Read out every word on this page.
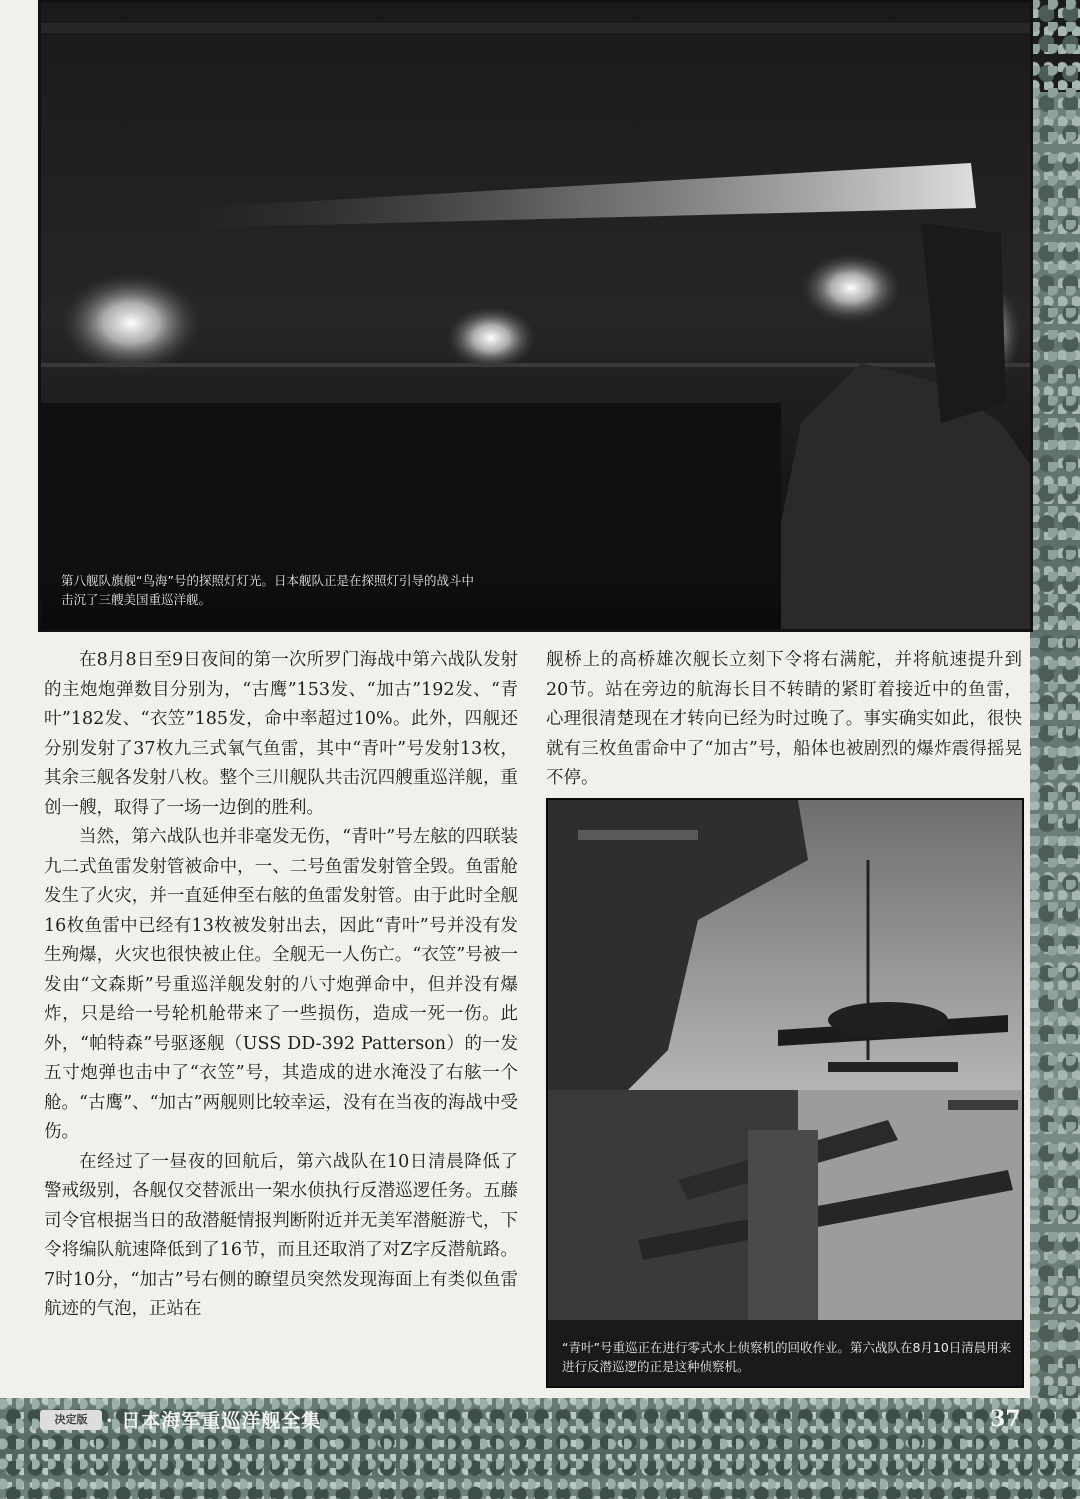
第八舰队旗舰“鸟海”号的探照灯灯光。日本舰队正是在探照灯引导的战斗中击沉了三艘美国重巡洋舰。

在8月8日至9日夜间的第一次所罗门海战中第六战队发射的主炮炮弹数目分别为，“古鹰”153发、“加古”192发、“青叶”182发、“衣笠”185发，命中率超过10%。此外，四舰还分别发射了37枚九三式氧气鱼雷，其中“青叶”号发射13枚，其余三舰各发射八枚。整个三川舰队共击沉四艘重巡洋舰，重创一艘，取得了一场一边倒的胜利。

当然，第六战队也并非毫发无伤，“青叶”号左舷的四联装九二式鱼雷发射管被命中，一、二号鱼雷发射管全毁。鱼雷舱发生了火灾，并一直延伸至右舷的鱼雷发射管。由于此时全舰16枚鱼雷中已经有13枚被发射出去，因此“青叶”号并没有发生殉爆，火灾也很快被止住。全舰无一人伤亡。“衣笠”号被一发由“文森斯”号重巡洋舰发射的八寸炮弹命中，但并没有爆炸，只是给一号轮机舱带来了一些损伤，造成一死一伤。此外，“帕特森”号驱逐舰（USS DD-392 Patterson）的一发五寸炮弹也击中了“衣笠”号，其造成的进水淹没了右舷一个舱。“古鹰”、“加古”两舰则比较幸运，没有在当夜的海战中受伤。

在经过了一昼夜的回航后，第六战队在10日清晨降低了警戒级别，各舰仅交替派出一架水侦执行反潜巡逻任务。五藤司令官根据当日的敌潜艇情报判断附近并无美军潜艇游弋，下令将编队航速降低到了16节，而且还取消了对Z字反潜航路。7时10分，“加古”号右侧的瞭望员突然发现海面上有类似鱼雷航迹的气泡，正站在

舰桥上的高桥雄次舰长立刻下令将右满舵，并将航速提升到20节。站在旁边的航海长目不转睛的紧盯着接近中的鱼雷，心理很清楚现在才转向已经为时过晚了。事实确实如此，很快就有三枚鱼雷命中了“加古”号，船体也被剧烈的爆炸震得摇晃不停。

“青叶”号重巡正在进行零式水上侦察机的回收作业。第六战队在8月10日清晨用来进行反潜巡逻的正是这种侦察机。
决定版 · 日本海军重巡洋舰全集	37
